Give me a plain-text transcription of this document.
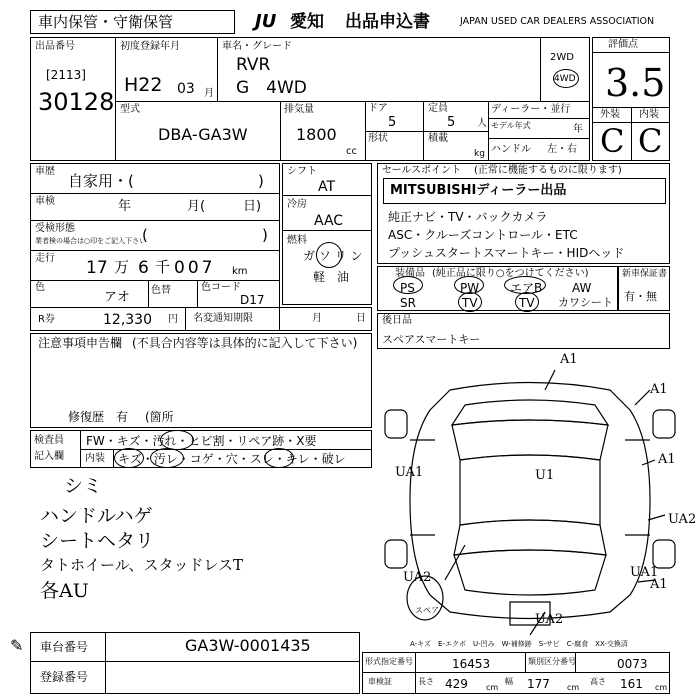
車内保管・守衛保管	JU 愛知 出品申込書	JAPAN USED CAR DEALERS ASSOCIATION
出品番号
[2113]
30128
初度登録年月
H22 03 月
車名・グレード
RVR
G　4WD
2WD
4WD
型式
DBA-GA3W
排気量
1800
cc
ドア
5
形状
定員
5 人
積載
kg
ディーラー・並行
モデル年式	年
ハンドル 左・右
評価点
3.5
外装 内装
C C
車歴
自家用・(	)
車検	年	月(	日)
受検形態
業者検の場合は○印をご記入下さい
(	)
走行 17 万 6 千 007 km
色
アオ 色替	色コード
D17
R券	12,330 円 名変通知期限	月	日
シフト
AT
冷房
AAC
燃料
ガ ソ リ ン
軽　油
セールスポイント (正常に機能するものに限ります)
MITSUBISHIディーラー出品
純正ナビ・TV・バックカメラ
ASC・クルーズコントロール・ETC
プッシュスタートスマートキー・HIDヘッド
装備品 (純正品に限り○をつけてください)
PS	PW	エアB AW
SR	TV	TV カワシート
新車保証書
有・無
後日品
スペアスマートキー
注意事項申告欄 (不具合内容等は具体的に記入して下さい)
修復歴 有 (箇所
検査員
記入欄
FW・キズ・汚れ・ヒビ割・リペア跡・X要
内装 キズ・汚レ・コゲ・穴・スレ・キレ・破レ
シミ
ハンドルハゲ
シートヘタリ
タトホイール、スタッドレスT
各AU
A1
A1
A1
U1
UA1
UA1
UA2
UA2
UA2
A1
スペア
A-キズ　E-エクボ　U-凹み　W-補修跡　S-サビ　C-腐食　XX-交換済
車台番号	GA3W-0001435
登録番号
✎
形式指定番号	16453	類別区分番号	0073
車検証	長さ 429 cm
幅 177 cm
高さ 161 cm
